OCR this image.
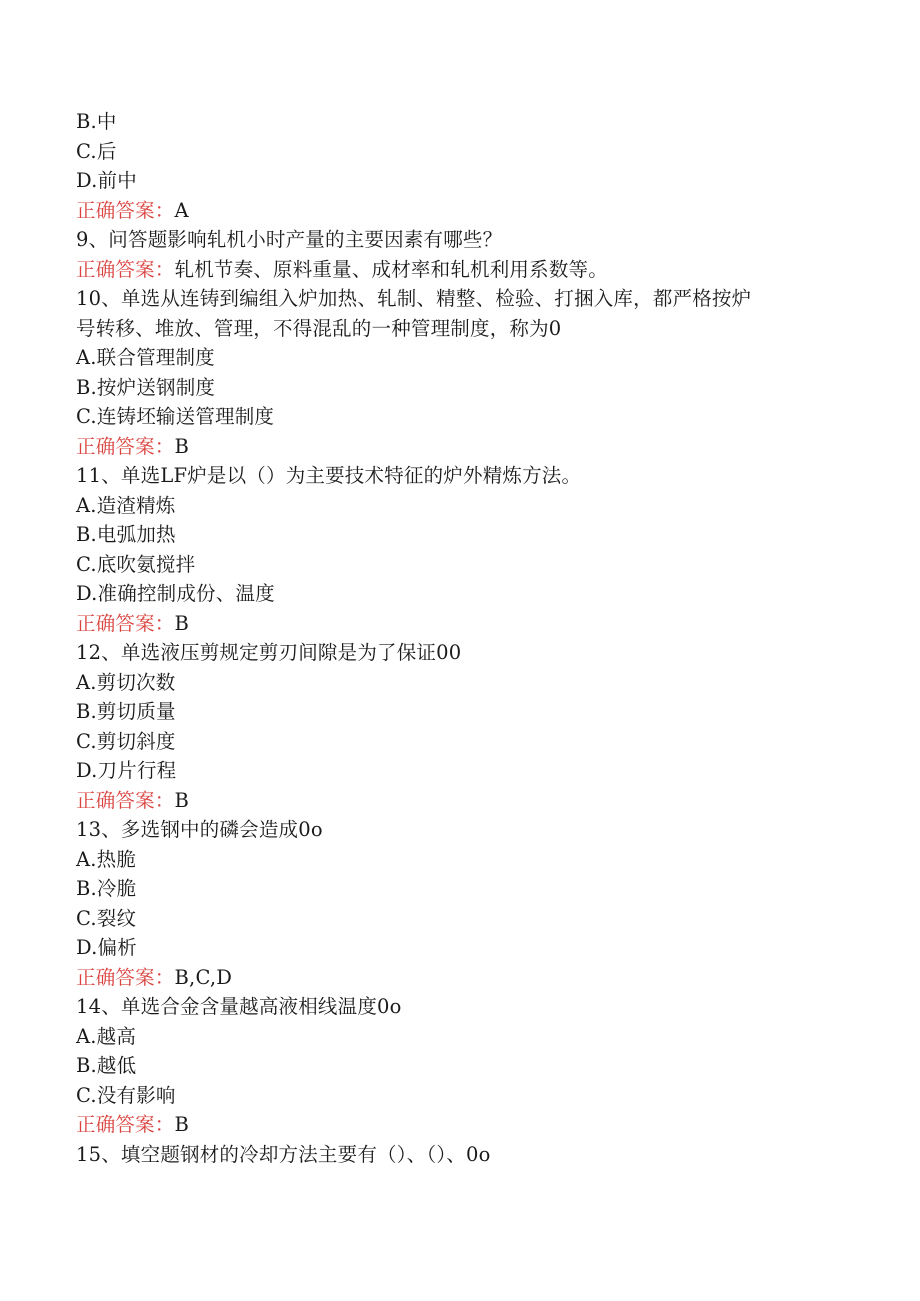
B.中
C.后
D.前中
正确答案：A
9、问答题影响轧机小时产量的主要因素有哪些？
正确答案：轧机节奏、原料重量、成材率和轧机利用系数等。
10、单选从连铸到编组入炉加热、轧制、精整、检验、打捆入库，都严格按炉
号转移、堆放、管理，不得混乱的一种管理制度，称为0
A.联合管理制度
B.按炉送钢制度
C.连铸坯输送管理制度
正确答案：B
11、单选LF炉是以（）为主要技术特征的炉外精炼方法。
A.造渣精炼
B.电弧加热
C.底吹氨搅拌
D.准确控制成份、温度
正确答案：B
12、单选液压剪规定剪刃间隙是为了保证00
A.剪切次数
B.剪切质量
C.剪切斜度
D.刀片行程
正确答案：B
13、多选钢中的磷会造成0o
A.热脆
B.冷脆
C.裂纹
D.偏析
正确答案：B,C,D
14、单选合金含量越高液相线温度0o
A.越高
B.越低
C.没有影响
正确答案：B
15、填空题钢材的冷却方法主要有（）、（）、0o
